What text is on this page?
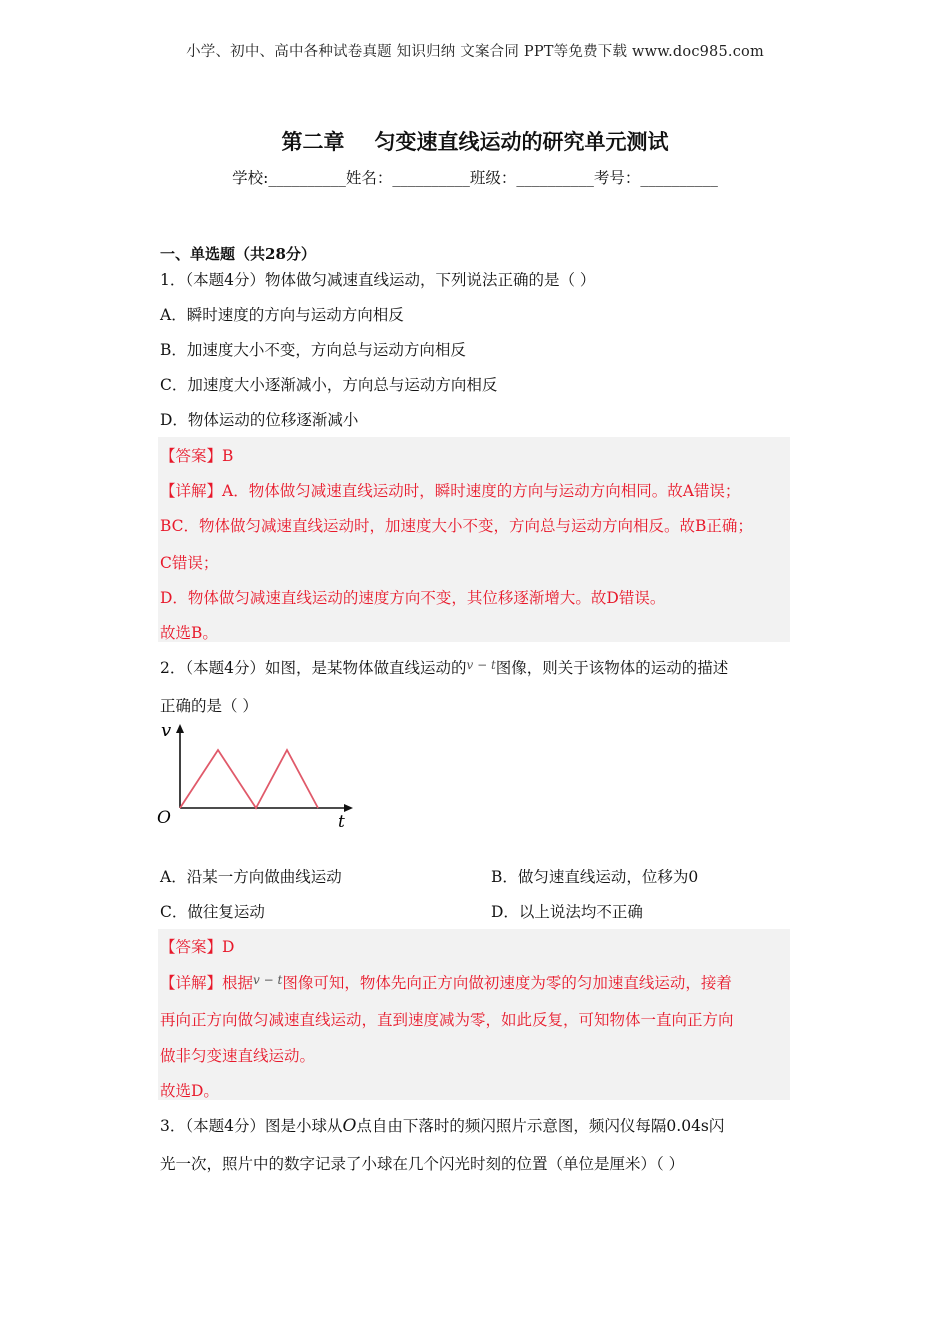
小学、初中、高中各种试卷真题 知识归纳 文案合同 PPT等免费下载 www.doc985.com
第二章 匀变速直线运动的研究单元测试
学校:__________姓名：__________班级：__________考号：__________
一、单选题（共28分）
1．（本题4分）物体做匀减速直线运动，下列说法正确的是（ ）
A．瞬时速度的方向与运动方向相反
B．加速度大小不变，方向总与运动方向相反
C．加速度大小逐渐减小，方向总与运动方向相反
D．物体运动的位移逐渐减小
【答案】B
【详解】A．物体做匀减速直线运动时，瞬时速度的方向与运动方向相同。故A错误；
BC．物体做匀减速直线运动时，加速度大小不变，方向总与运动方向相反。故B正确；
C错误；
D．物体做匀减速直线运动的速度方向不变，其位移逐渐增大。故D错误。
故选B。
2．（本题4分）如图，是某物体做直线运动的$^{v - t}$图像，则关于该物体的运动的描述
正确的是（ ）
v
O	t
A．沿某一方向做曲线运动	B．做匀速直线运动，位移为0
C．做往复运动	D．以上说法均不正确
【答案】D
【详解】根据$^{v - t}$图像可知，物体先向正方向做初速度为零的匀加速直线运动，接着
再向正方向做匀减速直线运动，直到速度减为零，如此反复，可知物体一直向正方向
做非匀变速直线运动。
故选D。
3．（本题4分）图是小球从O点自由下落时的频闪照片示意图，频闪仪每隔0.04s闪
光一次，照片中的数字记录了小球在几个闪光时刻的位置（单位是厘米）（ ）
